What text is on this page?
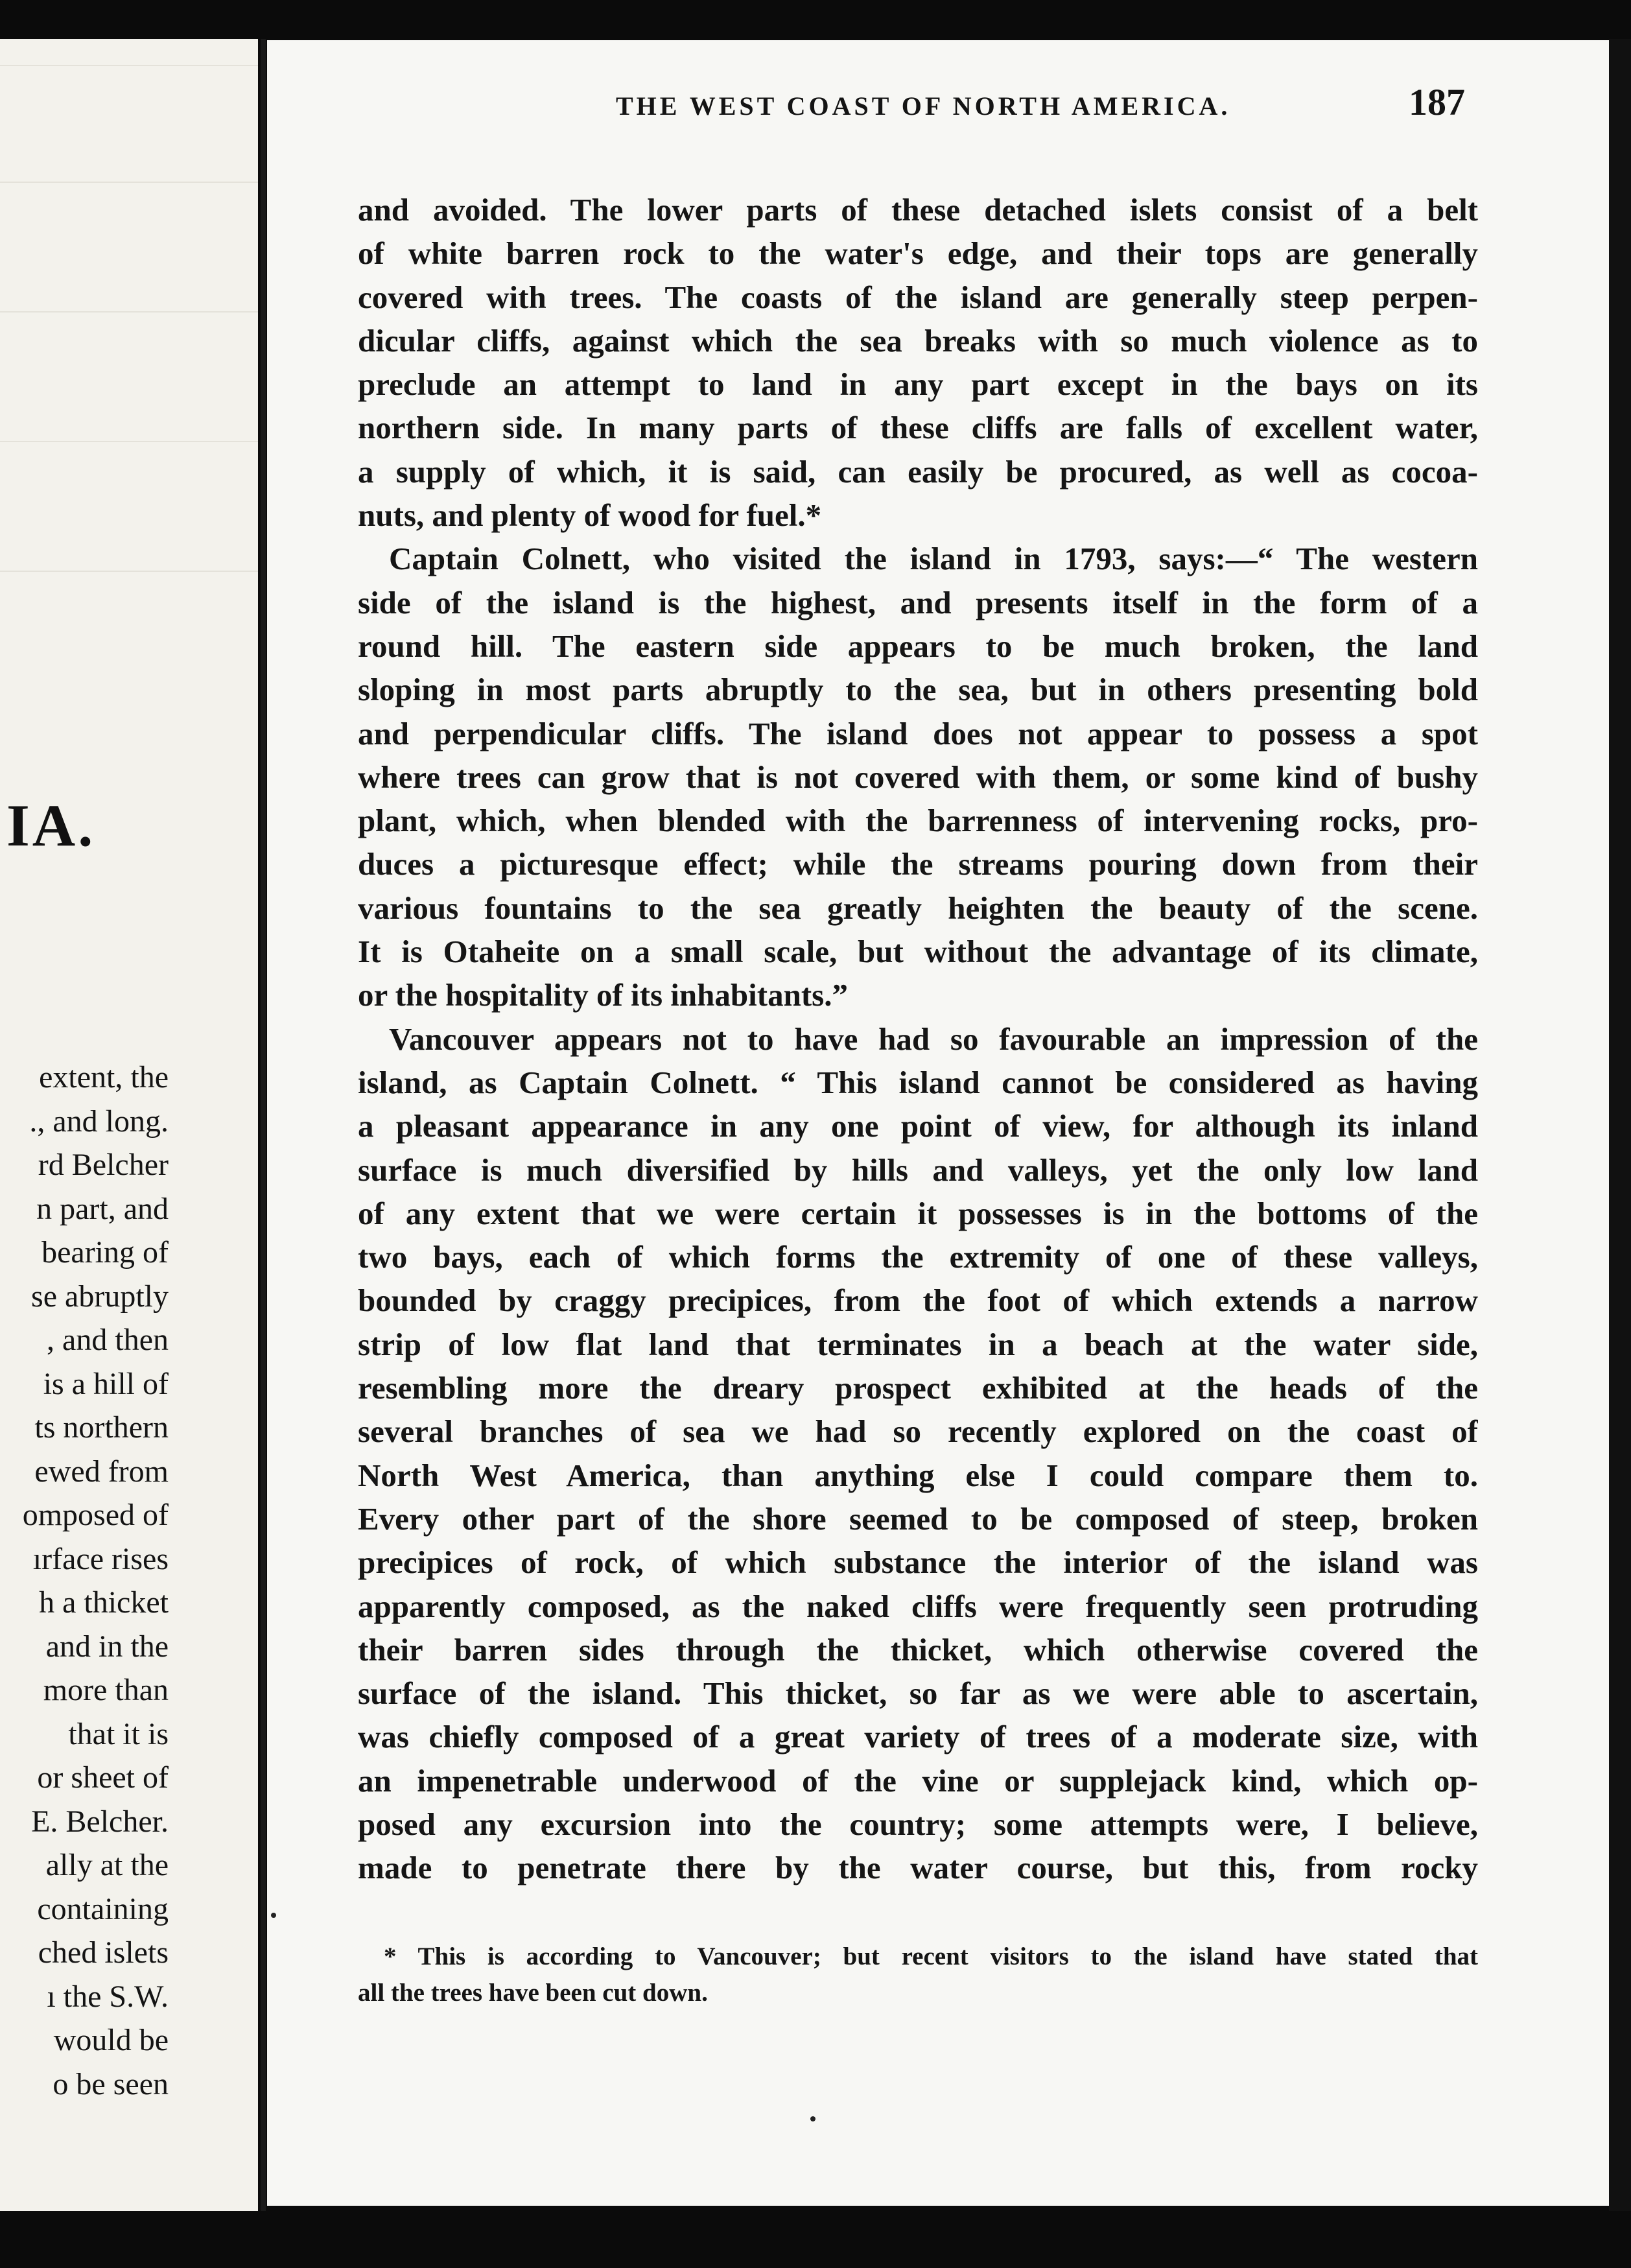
IA.
extent, the
., and long.
rd Belcher
n part, and
bearing of
se abruptly
, and then
is a hill of
ts northern
ewed from
omposed of
ırface rises
h a thicket
and in the
more than
that it is
or sheet of
E. Belcher.
ally at the
containing
ched islets
ı the S.W.
would be
o be seen
THE WEST COAST OF NORTH AMERICA.	187
and avoided. The lower parts of these detached islets consist of a belt
of white barren rock to the water's edge, and their tops are generally
covered with trees. The coasts of the island are generally steep perpen-
dicular cliffs, against which the sea breaks with so much violence as to
preclude an attempt to land in any part except in the bays on its
northern side. In many parts of these cliffs are falls of excellent water,
a supply of which, it is said, can easily be procured, as well as cocoa-
nuts, and plenty of wood for fuel.*
Captain Colnett, who visited the island in 1793, says:—“ The western
side of the island is the highest, and presents itself in the form of a
round hill. The eastern side appears to be much broken, the land
sloping in most parts abruptly to the sea, but in others presenting bold
and perpendicular cliffs. The island does not appear to possess a spot
where trees can grow that is not covered with them, or some kind of bushy
plant, which, when blended with the barrenness of intervening rocks, pro-
duces a picturesque effect; while the streams pouring down from their
various fountains to the sea greatly heighten the beauty of the scene.
It is Otaheite on a small scale, but without the advantage of its climate,
or the hospitality of its inhabitants.”
Vancouver appears not to have had so favourable an impression of the
island, as Captain Colnett. “ This island cannot be considered as having
a pleasant appearance in any one point of view, for although its inland
surface is much diversified by hills and valleys, yet the only low land
of any extent that we were certain it possesses is in the bottoms of the
two bays, each of which forms the extremity of one of these valleys,
bounded by craggy precipices, from the foot of which extends a narrow
strip of low flat land that terminates in a beach at the water side,
resembling more the dreary prospect exhibited at the heads of the
several branches of sea we had so recently explored on the coast of
North West America, than anything else I could compare them to.
Every other part of the shore seemed to be composed of steep, broken
precipices of rock, of which substance the interior of the island was
apparently composed, as the naked cliffs were frequently seen protruding
their barren sides through the thicket, which otherwise covered the
surface of the island. This thicket, so far as we were able to ascertain,
was chiefly composed of a great variety of trees of a moderate size, with
an impenetrable underwood of the vine or supplejack kind, which op-
posed any excursion into the country; some attempts were, I believe,
made to penetrate there by the water course, but this, from rocky
* This is according to Vancouver; but recent visitors to the island have stated that
all the trees have been cut down.
